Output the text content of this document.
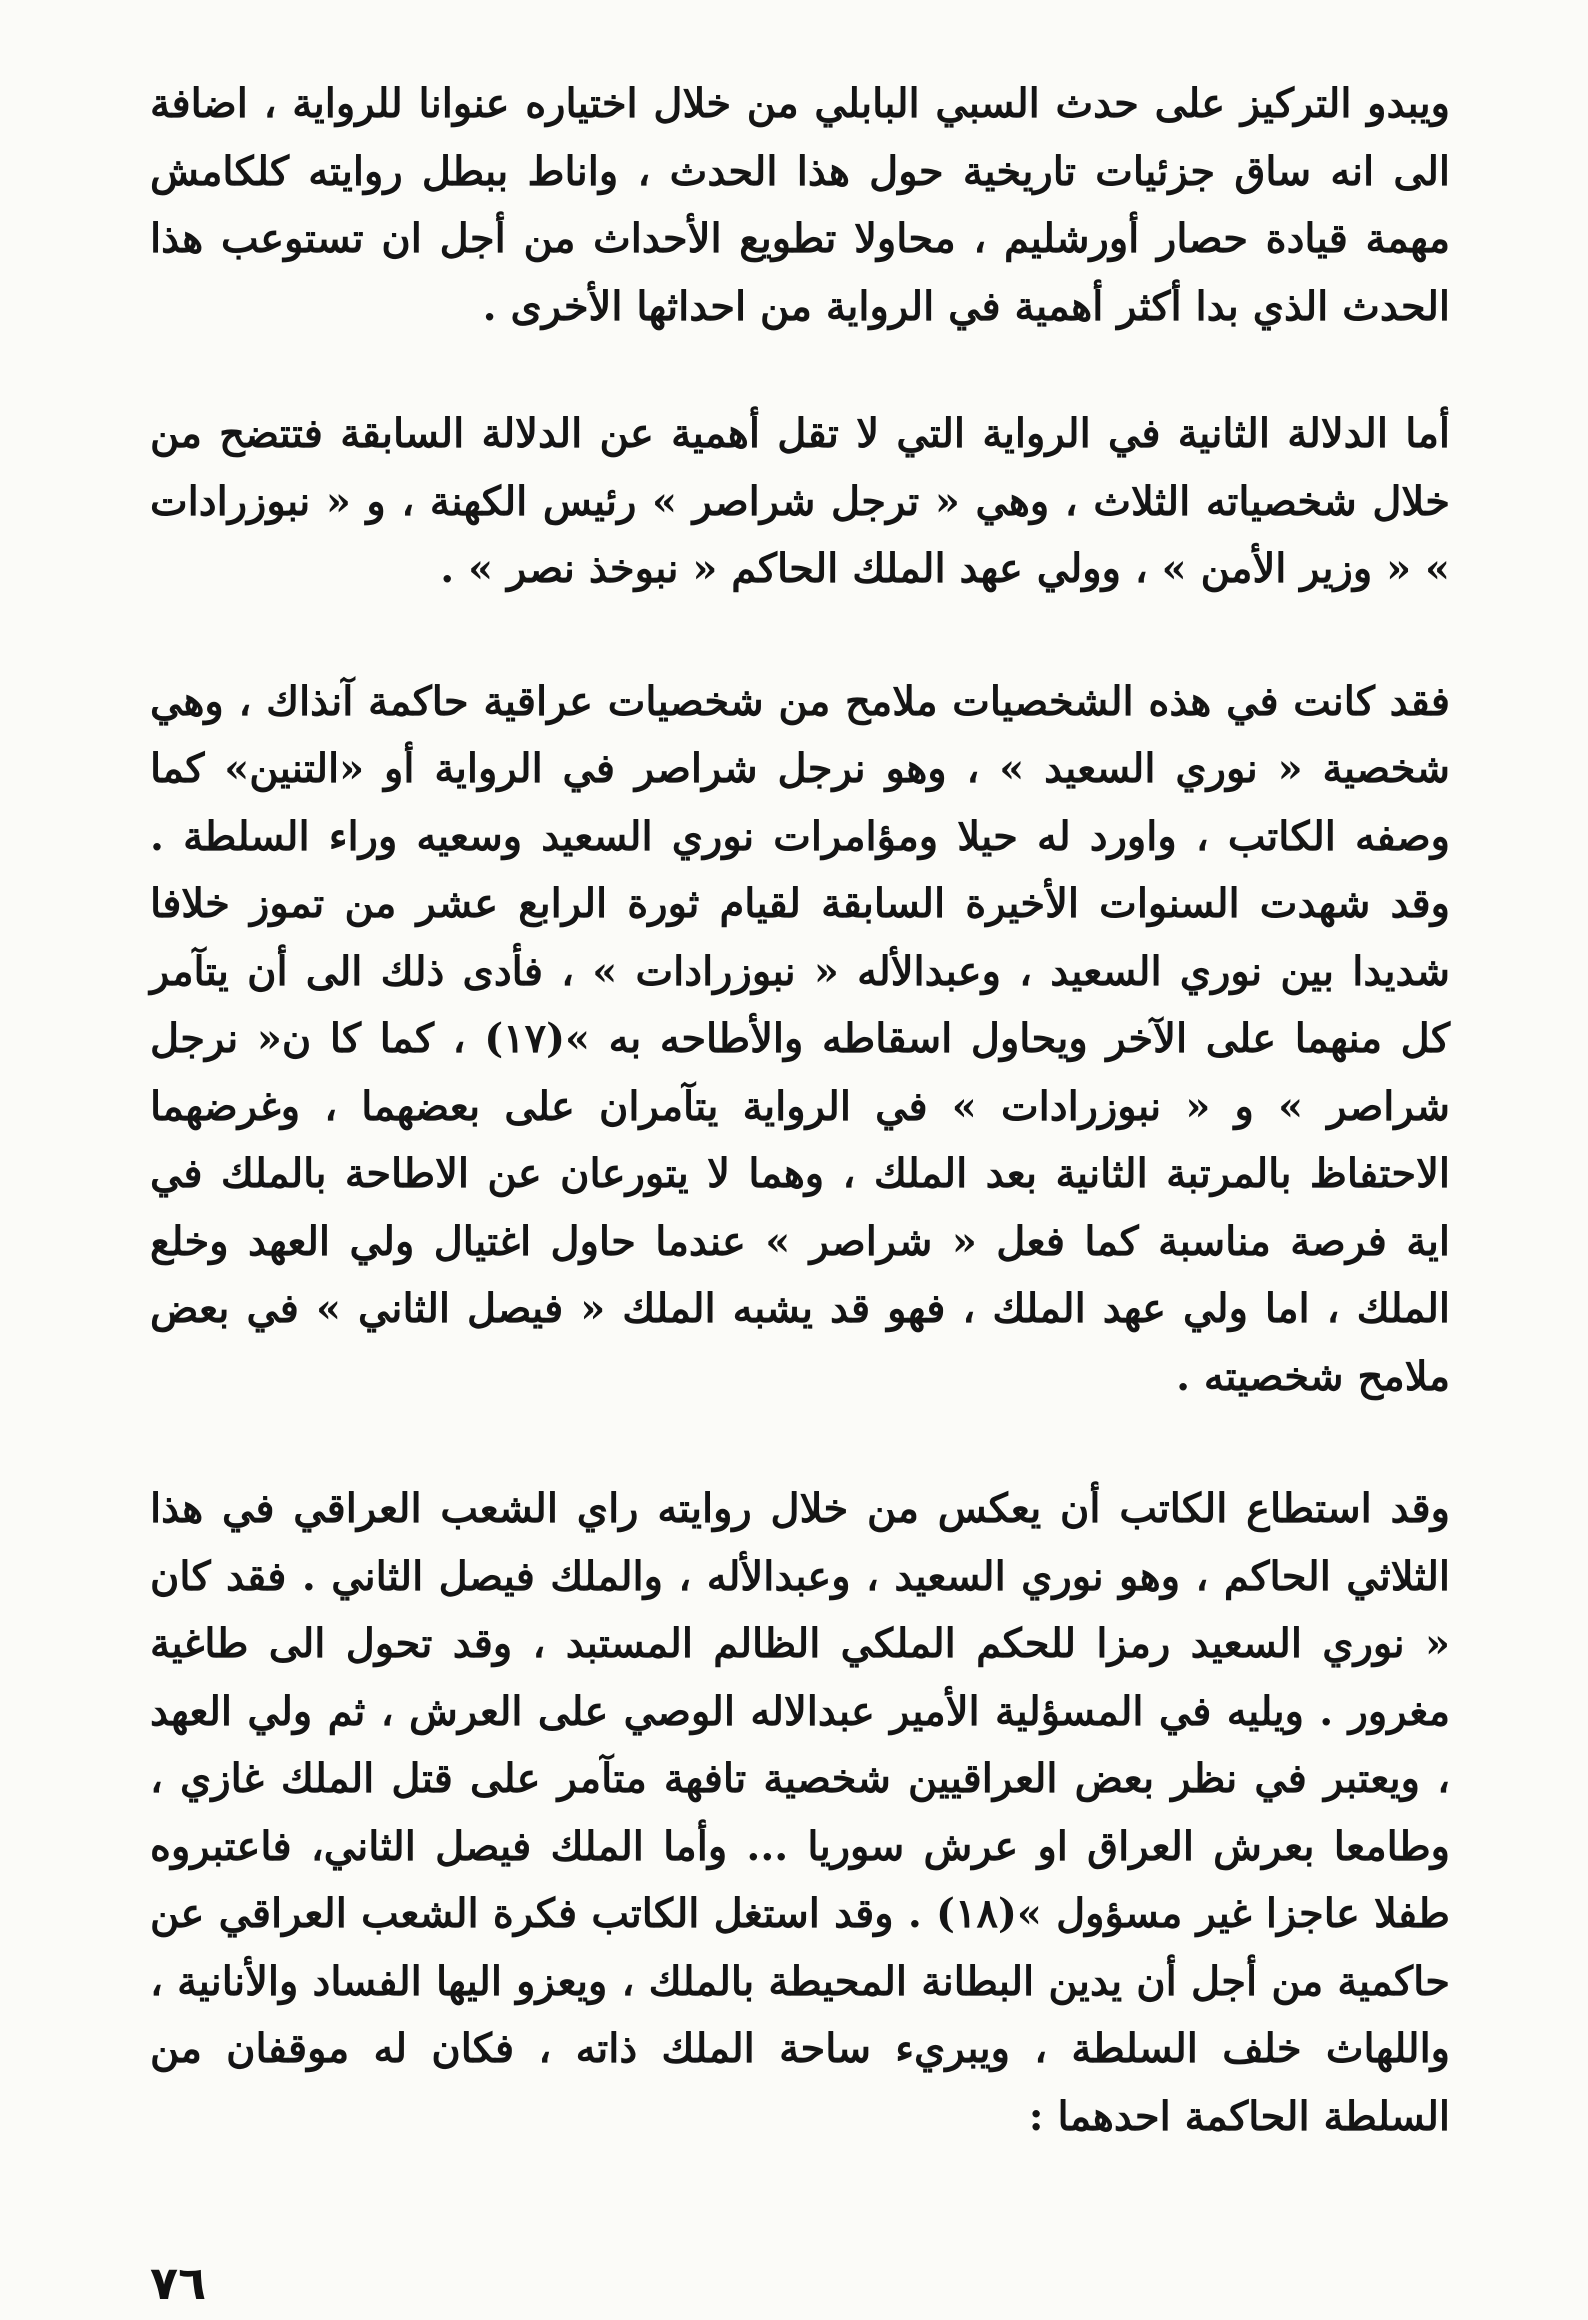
ويبدو التركيز على حدث السبي البابلي من خلال اختياره عنوانا للرواية ، اضافة الى انه ساق جزئيات تاريخية حول هذا الحدث ، واناط ببطل روايته كلكامش مهمة قيادة حصار أورشليم ، محاولا تطويع الأحداث من أجل ان تستوعب هذا الحدث الذي بدا أكثر أهمية في الرواية من احداثها الأخرى .

أما الدلالة الثانية في الرواية التي لا تقل أهمية عن الدلالة السابقة فتتضح من خلال شخصياته الثلاث ، وهي « ترجل شراصر » رئيس الكهنة ، و « نبوزرادات » « وزير الأمن » ، وولي عهد الملك الحاكم « نبوخذ نصر » .

فقد كانت في هذه الشخصيات ملامح من شخصيات عراقية حاكمة آنذاك ، وهي شخصية « نوري السعيد » ، وهو نرجل شراصر في الرواية أو «التنين» كما وصفه الكاتب ، واورد له حيلا ومؤامرات نوري السعيد وسعيه وراء السلطة . وقد شهدت السنوات الأخيرة السابقة لقيام ثورة الرابع عشر من تموز خلافا شديدا بين نوري السعيد ، وعبدالأله « نبوزرادات » ، فأدى ذلك الى أن يتآمر كل منهما على الآخر ويحاول اسقاطه والأطاحه به »(١٧) ، كما كا ن« نرجل شراصر » و « نبوزرادات » في الرواية يتآمران على بعضهما ، وغرضهما الاحتفاظ بالمرتبة الثانية بعد الملك ، وهما لا يتورعان عن الاطاحة بالملك في اية فرصة مناسبة كما فعل « شراصر » عندما حاول اغتيال ولي العهد وخلع الملك ، اما ولي عهد الملك ، فهو قد يشبه الملك « فيصل الثاني » في بعض ملامح شخصيته .

وقد استطاع الكاتب أن يعكس من خلال روايته راي الشعب العراقي في هذا الثلاثي الحاكم ، وهو نوري السعيد ، وعبدالأله ، والملك فيصل الثاني . فقد كان « نوري السعيد رمزا للحكم الملكي الظالم المستبد ، وقد تحول الى طاغية مغرور . ويليه في المسؤلية الأمير عبدالاله الوصي على العرش ، ثم ولي العهد ، ويعتبر في نظر بعض العراقيين شخصية تافهة متآمر على قتل الملك غازي ، وطامعا بعرش العراق او عرش سوريا ... وأما الملك فيصل الثاني، فاعتبروه طفلا عاجزا غير مسؤول »(١٨) . وقد استغل الكاتب فكرة الشعب العراقي عن حاكمية من أجل أن يدين البطانة المحيطة بالملك ، ويعزو اليها الفساد والأنانية ، واللهاث خلف السلطة ، ويبريء ساحة الملك ذاته ، فكان له موقفان من السلطة الحاكمة احدهما :

٧٦
